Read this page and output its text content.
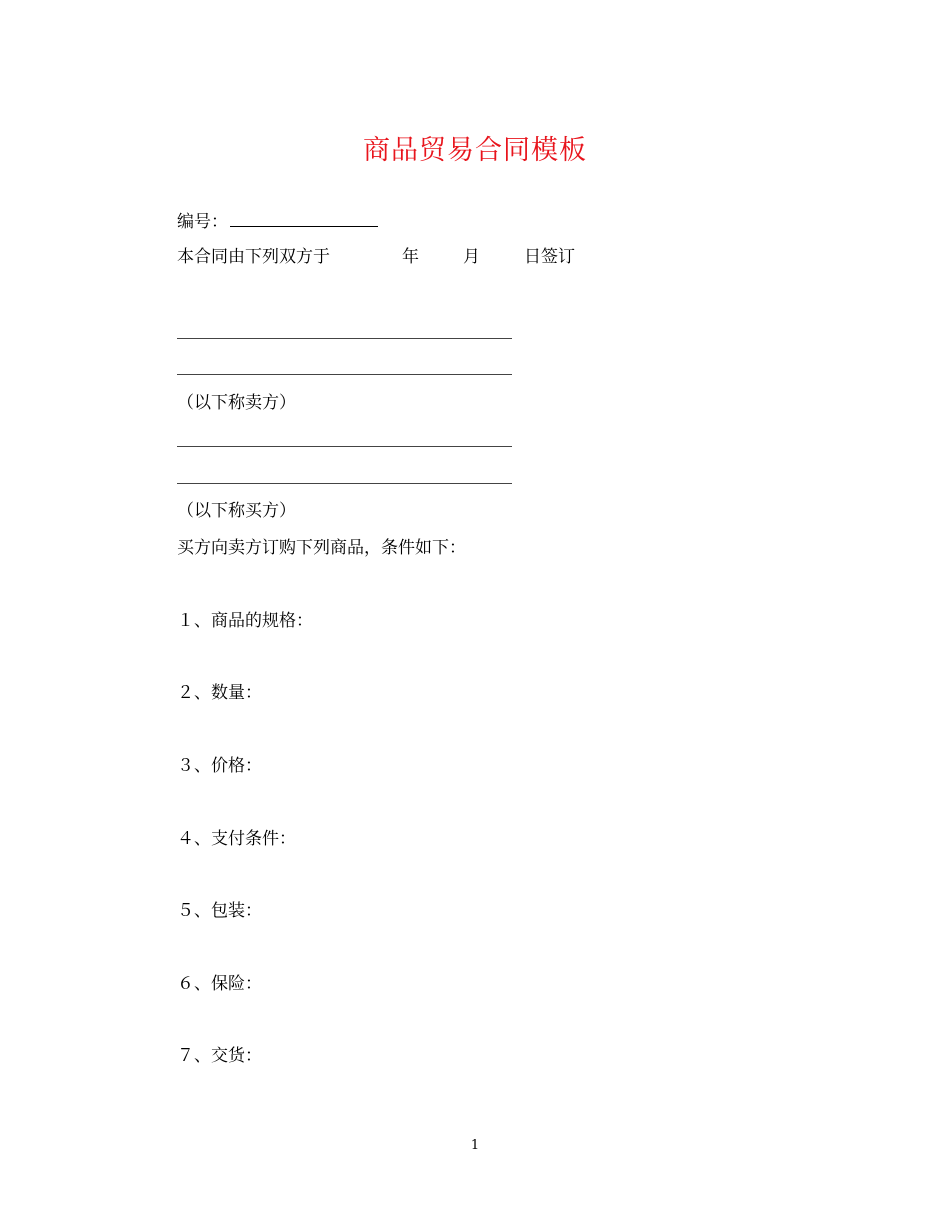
商品贸易合同模板
编号：
本合同由下列双方于	年	月	日签订
（以下称卖方）
（以下称买方）
买方向卖方订购下列商品，条件如下：
１、商品的规格：
２、数量：
３、价格：
４、支付条件：
５、包装：
６、保险：
７、交货：
1
